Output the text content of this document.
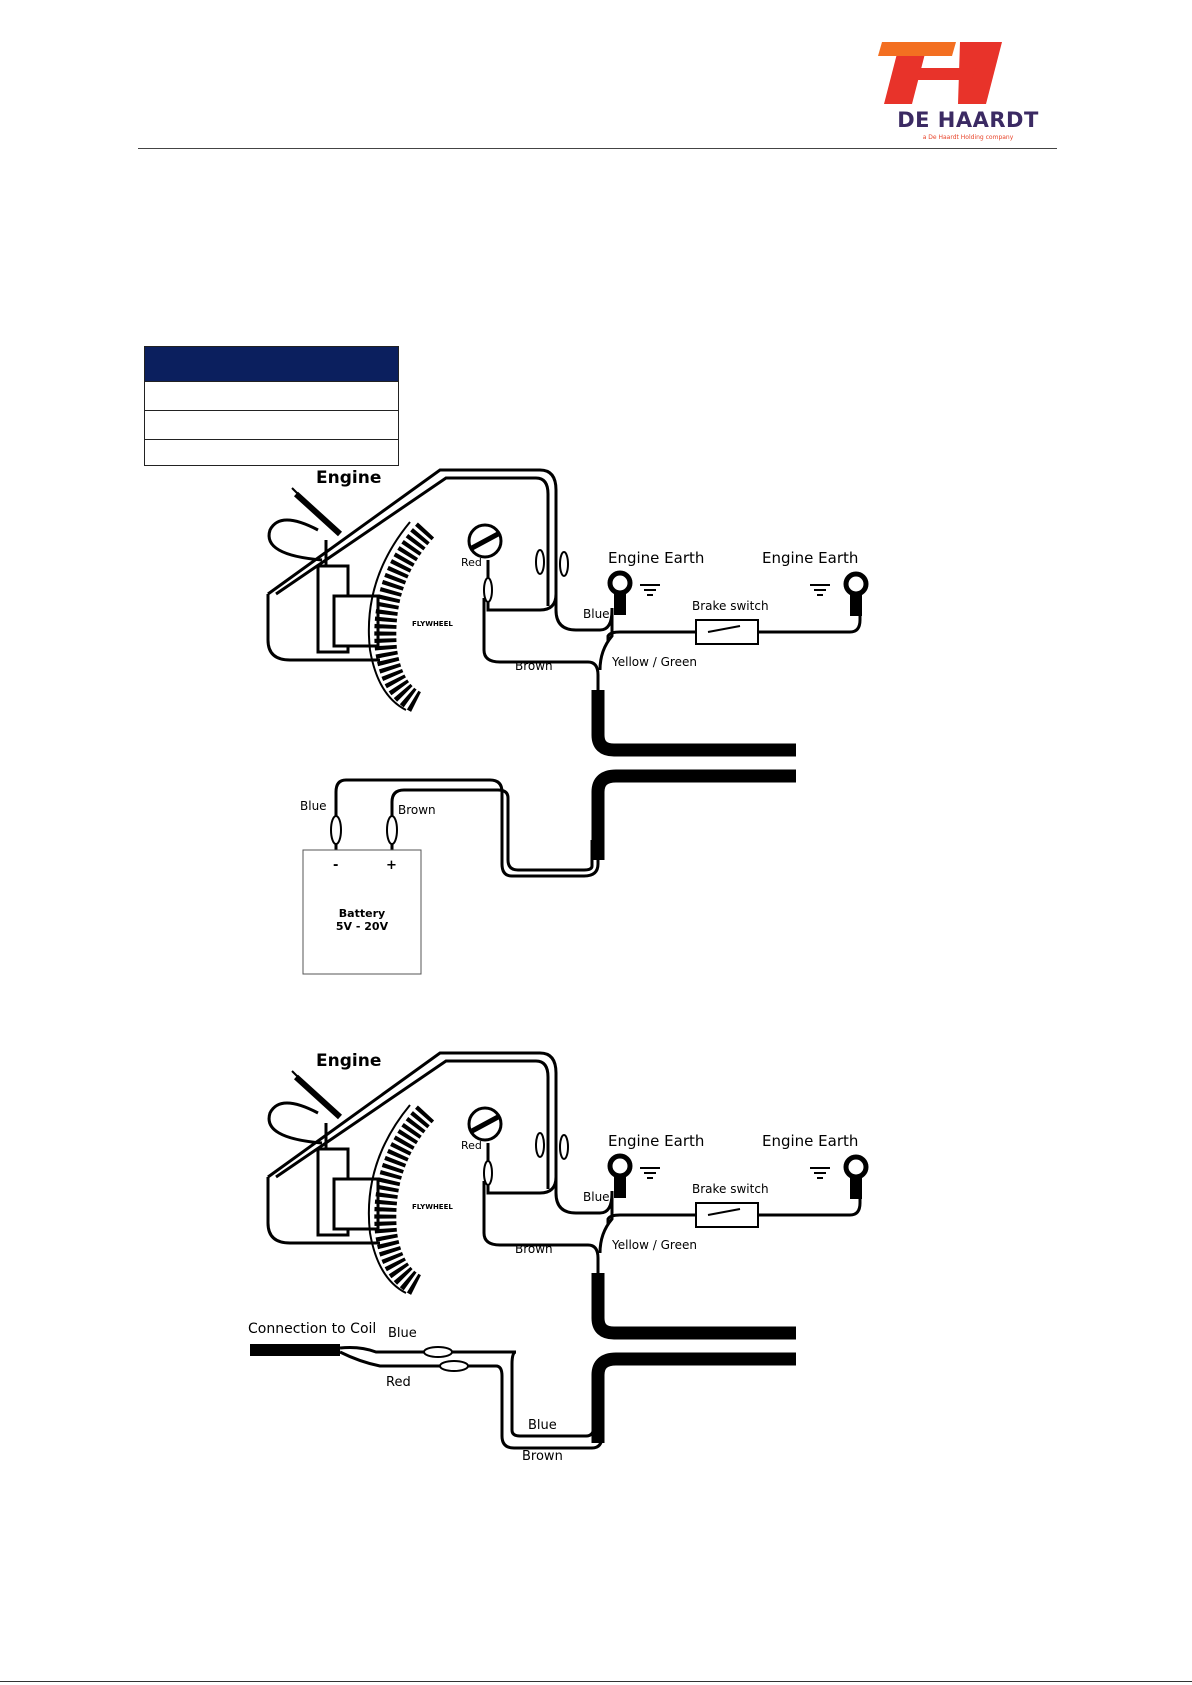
DE HAARDT
a De Haardt Holding company
FLYWHEEL
Red
Brown
Blue
Engine Earth
Brake switch
Yellow / Green
Engine Earth
Engine
Blue	Brown
-	+
Battery
5V - 20V
FLYWHEEL
Red
Brown
Blue
Engine Earth
Brake switch
Yellow / Green
Engine Earth
Engine
Connection to Coil Blue
Red
Blue
Brown
